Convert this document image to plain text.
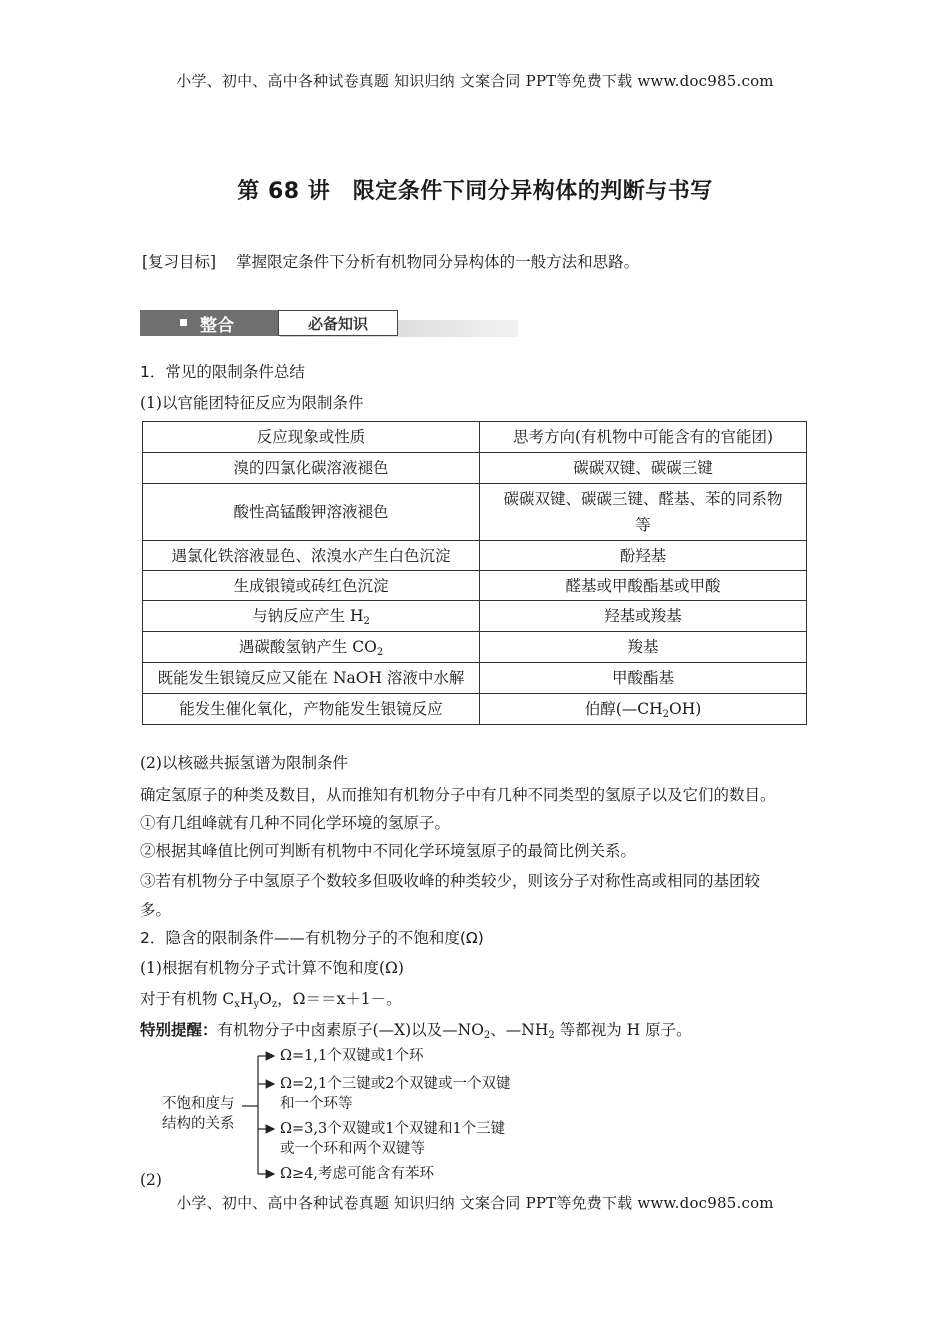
小学、初中、高中各种试卷真题 知识归纳 文案合同 PPT等免费下载 www.doc985.com
第 68 讲　限定条件下同分异构体的判断与书写
[复习目标] 掌握限定条件下分析有机物同分异构体的一般方法和思路。
整合	必备知识
1．常见的限制条件总结
(1)以官能团特征反应为限制条件
反应现象或性质	思考方向(有机物中可能含有的官能团)
溴的四氯化碳溶液褪色	碳碳双键、碳碳三键
酸性高锰酸钾溶液褪色	碳碳双键、碳碳三键、醛基、苯的同系物
等
遇氯化铁溶液显色、浓溴水产生白色沉淀	酚羟基
生成银镜或砖红色沉淀	醛基或甲酸酯基或甲酸
与钠反应产生 $H_2$	羟基或羧基
遇碳酸氢钠产生 $CO_2$	羧基
既能发生银镜反应又能在 NaOH 溶液中水解	甲酸酯基
能发生催化氧化，产物能发生银镜反应	伯醇$(—CH_2OH)$
(2)以核磁共振氢谱为限制条件
确定氢原子的种类及数目，从而推知有机物分子中有几种不同类型的氢原子以及它们的数目。
①有几组峰就有几种不同化学环境的氢原子。
②根据其峰值比例可判断有机物中不同化学环境氢原子的最简比例关系。
③若有机物分子中氢原子个数较多但吸收峰的种类较少，则该分子对称性高或相同的基团较
多。
2．隐含的限制条件——有机物分子的不饱和度(Ω)
(1)根据有机物分子式计算不饱和度(Ω)
对于有机物 $C_xH_yO_z$，Ω＝＝x＋1－。
特别提醒：有机物分子中卤素原子(—X)以及$—NO_2$、$—NH_2$ 等都视为 H 原子。
不饱和度与
结构的关系
Ω=1,1个双键或1个环
Ω=2,1个三键或2个双键或一个双键
和一个环等
Ω=3,3个双键或1个双键和1个三键
或一个环和两个双键等
Ω≥4,考虑可能含有苯环
(2)
小学、初中、高中各种试卷真题 知识归纳 文案合同 PPT等免费下载 www.doc985.com
